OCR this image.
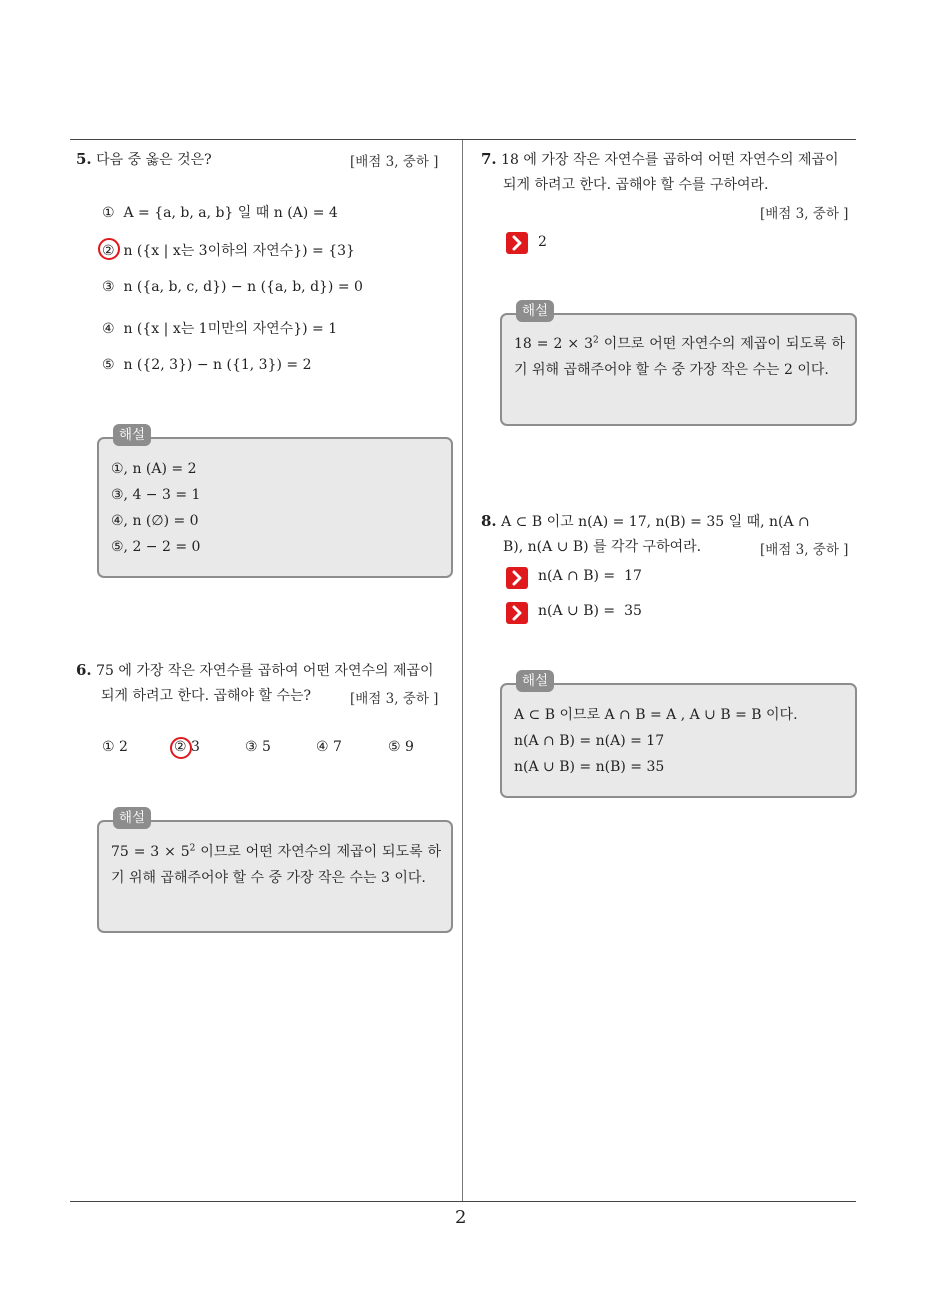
5. 다음 중 옳은 것은?	[배점 3, 중하 ]
① A = {a, b, a, b} 일 때 n (A) = 4
② n ({x | x는 3이하의 자연수}) = {3}
③ n ({a, b, c, d}) − n ({a, b, d}) = 0
④ n ({x | x는 1미만의 자연수}) = 1
⑤ n ({2, 3}) − n ({1, 3}) = 2
해설
①, n (A) = 2
③, 4 − 3 = 1
④, n (∅) = 0
⑤, 2 − 2 = 0
6. 75 에 가장 작은 자연수를 곱하여 어떤 자연수의 제곱이
되게 하려고 한다. 곱해야 할 수는?	[배점 3, 중하 ]
① 2	② 3	③ 5	④ 7	⑤ 9
해설
$75 = 3 \times 5^2$ 이므로 어떤 자연수의 제곱이 되도록 하기 위해 곱해주어야 할 수 중 가장 작은 수는 3 이다.
7. 18 에 가장 작은 자연수를 곱하여 어떤 자연수의 제곱이
되게 하려고 한다. 곱해야 할 수를 구하여라.
[배점 3, 중하 ]
2
해설
$18 = 2 \times 3^2$ 이므로 어떤 자연수의 제곱이 되도록 하기 위해 곱해주어야 할 수 중 가장 작은 수는 2 이다.
8. A ⊂ B 이고 n(A) = 17, n(B) = 35 일 때, n(A ∩
B), n(A ∪ B) 를 각각 구하여라.	[배점 3, 중하 ]
n(A ∩ B) = 17
n(A ∪ B) = 35
해설
A ⊂ B 이므로 A ∩ B = A , A ∪ B = B 이다.
n(A ∩ B) = n(A) = 17
n(A ∪ B) = n(B) = 35
2
